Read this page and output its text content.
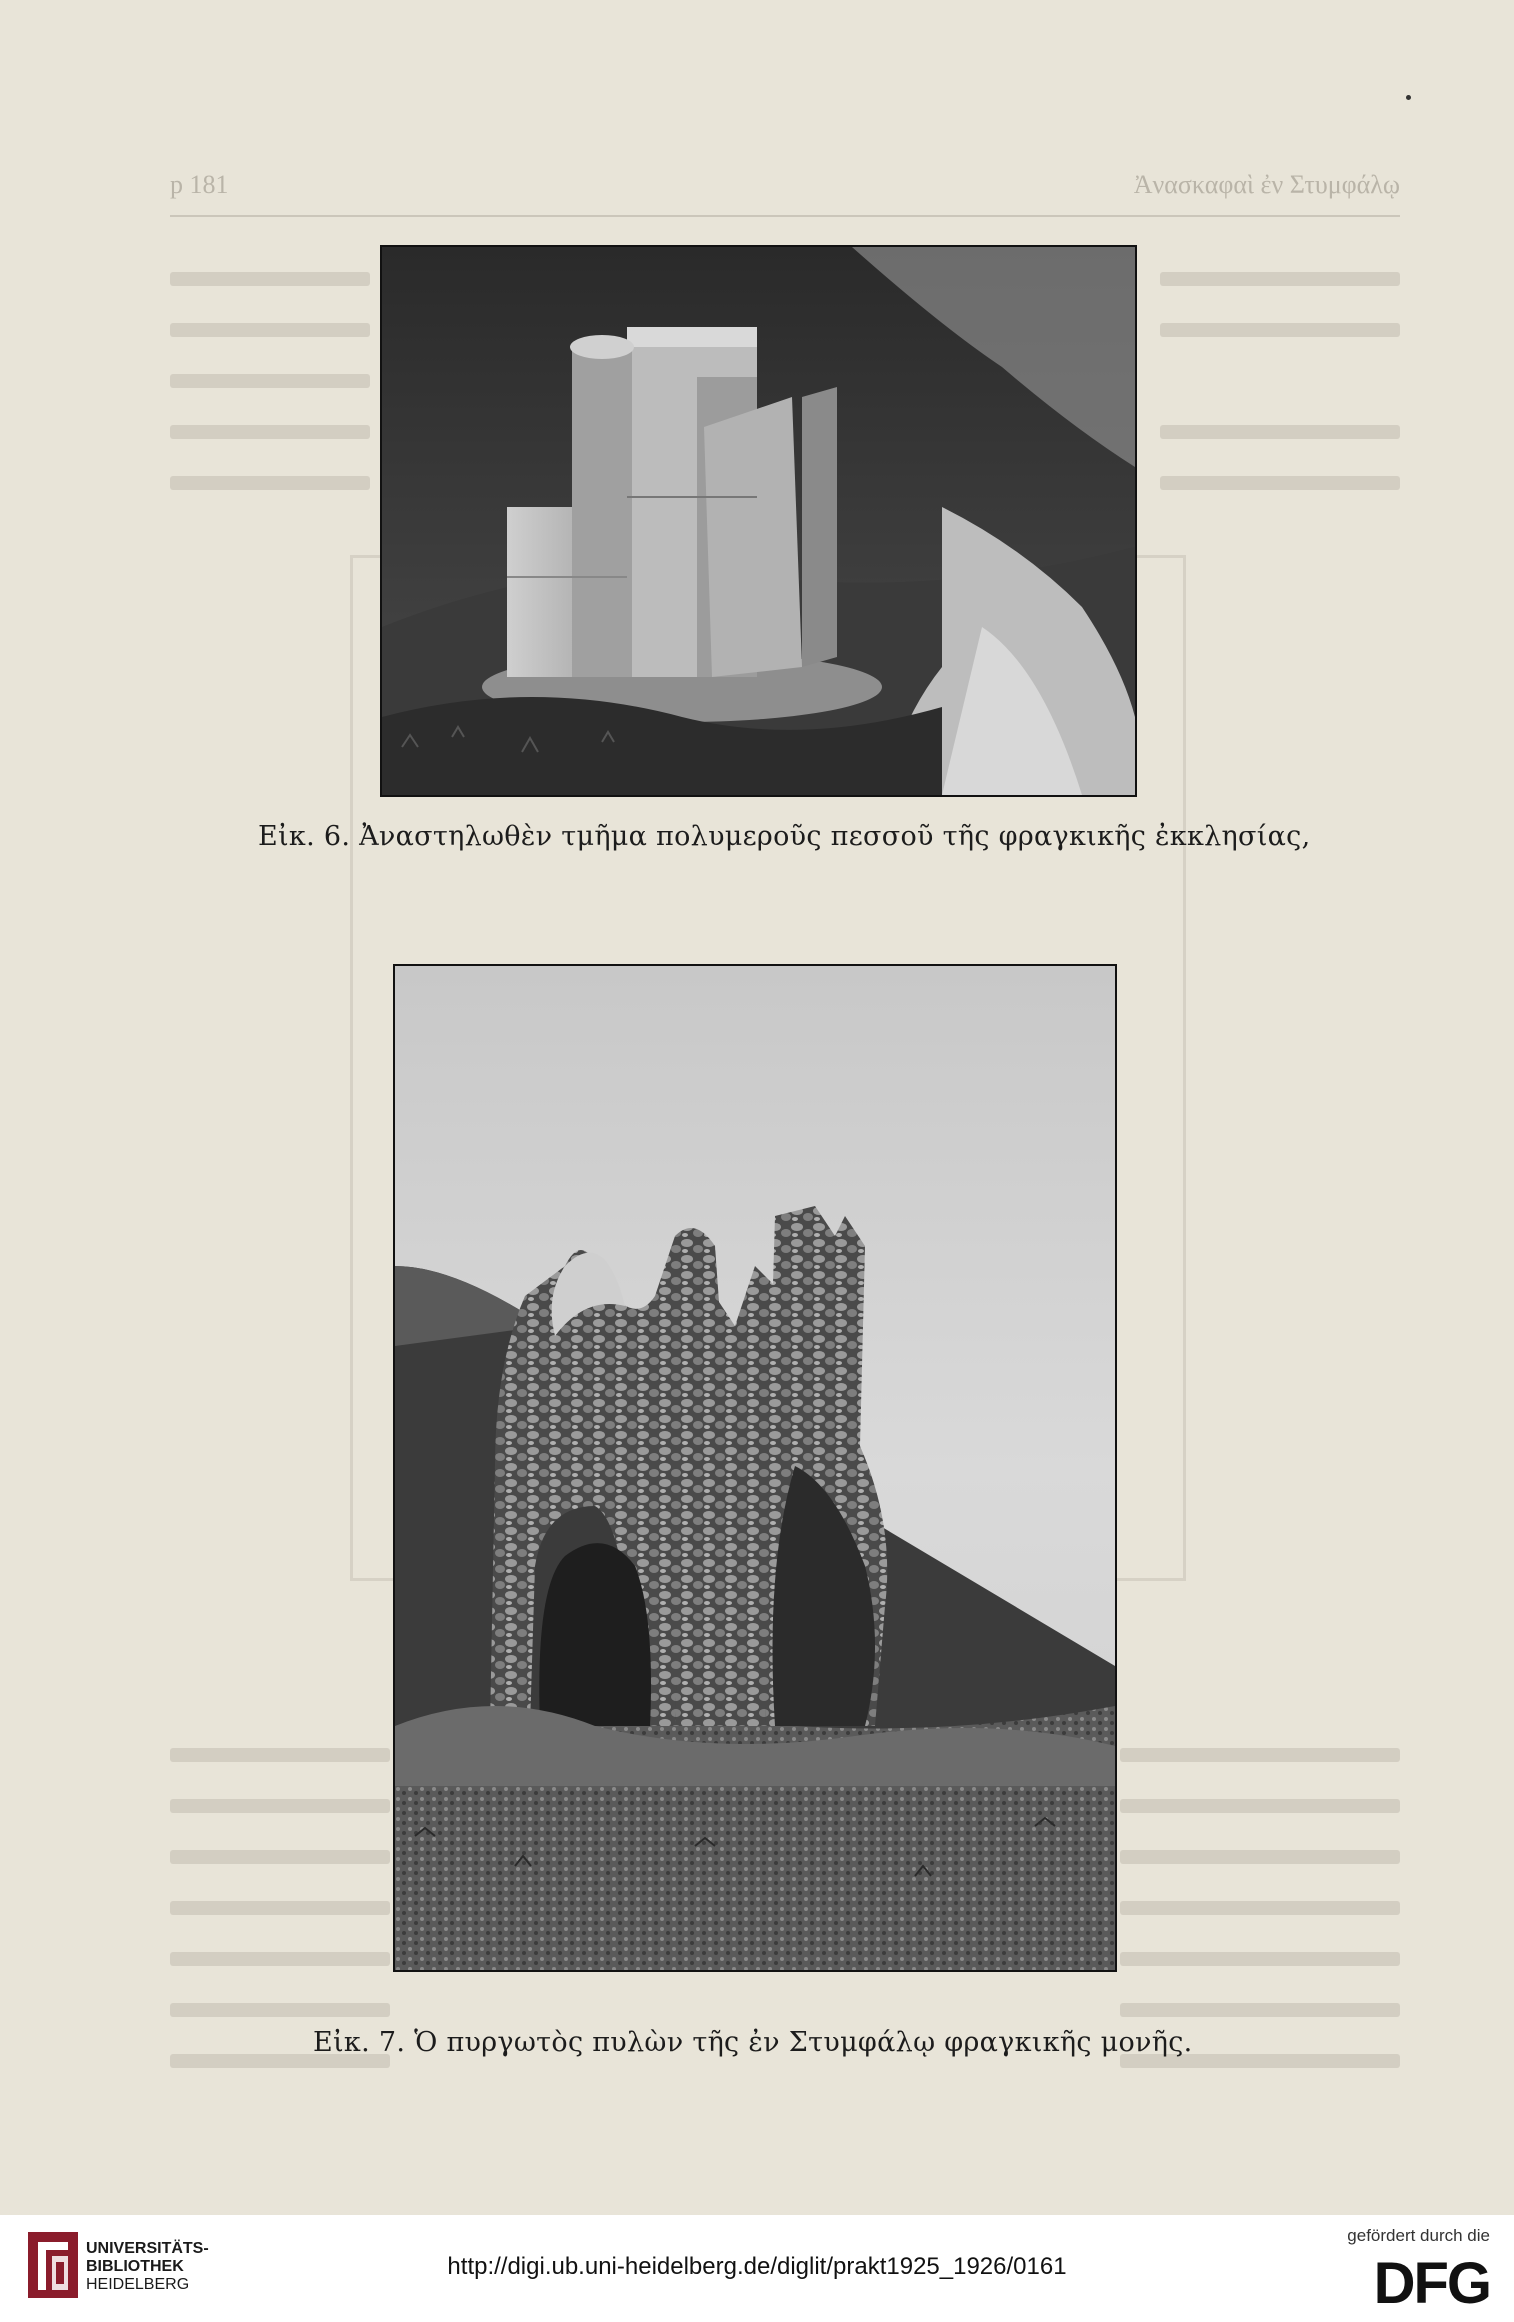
p 181	Ἀνασκαφαὶ ἐν Στυμφάλῳ
Εἰκ. 6. Ἀναστηλωθὲν τμῆμα πολυμεροῦς πεσσοῦ τῆς φραγκικῆς ἐκκλησίας,
Εἰκ. 7. Ὁ πυργωτὸς πυλὼν τῆς ἐν Στυμφάλῳ φραγκικῆς μονῆς.
UNIVERSITÄTS-
BIBLIOTHEK
HEIDELBERG
http://digi.ub.uni-heidelberg.de/diglit/prakt1925_1926/0161
gefördert durch die
DFG
